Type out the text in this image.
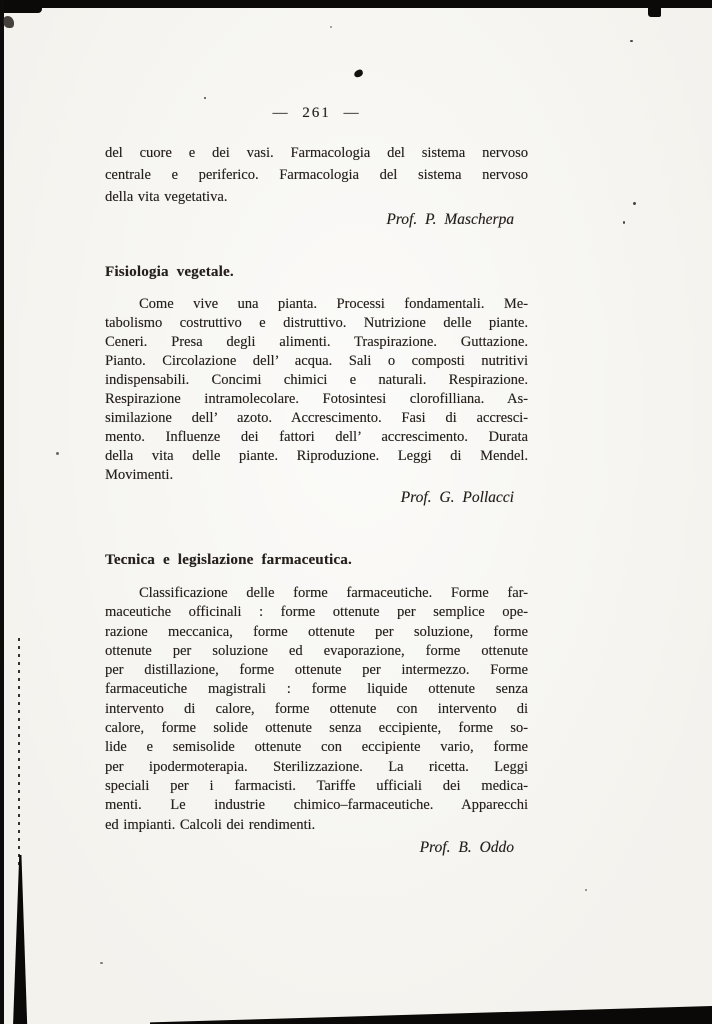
— 261 —
del cuore e dei vasi. Farmacologia del sistema nervoso
centrale e periferico. Farmacologia del sistema nervoso
della vita vegetativa.
Prof. P. Mascherpa
Fisiologia vegetale.
Come vive una pianta. Processi fondamentali. Me-
tabolismo costruttivo e distruttivo. Nutrizione delle piante.
Ceneri. Presa degli alimenti. Traspirazione. Guttazione.
Pianto. Circolazione dell’ acqua. Sali o composti nutritivi
indispensabili. Concimi chimici e naturali. Respirazione.
Respirazione intramolecolare. Fotosintesi clorofilliana. As-
similazione dell’ azoto. Accrescimento. Fasi di accresci-
mento. Influenze dei fattori dell’ accrescimento. Durata
della vita delle piante. Riproduzione. Leggi di Mendel.
Movimenti.
Prof. G. Pollacci
Tecnica e legislazione farmaceutica.
Classificazione delle forme farmaceutiche. Forme far-
maceutiche officinali : forme ottenute per semplice ope-
razione meccanica, forme ottenute per soluzione, forme
ottenute per soluzione ed evaporazione, forme ottenute
per distillazione, forme ottenute per intermezzo. Forme
farmaceutiche magistrali : forme liquide ottenute senza
intervento di calore, forme ottenute con intervento di
calore, forme solide ottenute senza eccipiente, forme so-
lide e semisolide ottenute con eccipiente vario, forme
per ipodermoterapia. Sterilizzazione. La ricetta. Leggi
speciali per i farmacisti. Tariffe ufficiali dei medica-
menti. Le industrie chimico–farmaceutiche. Apparecchi
ed impianti. Calcoli dei rendimenti.
Prof. B. Oddo
